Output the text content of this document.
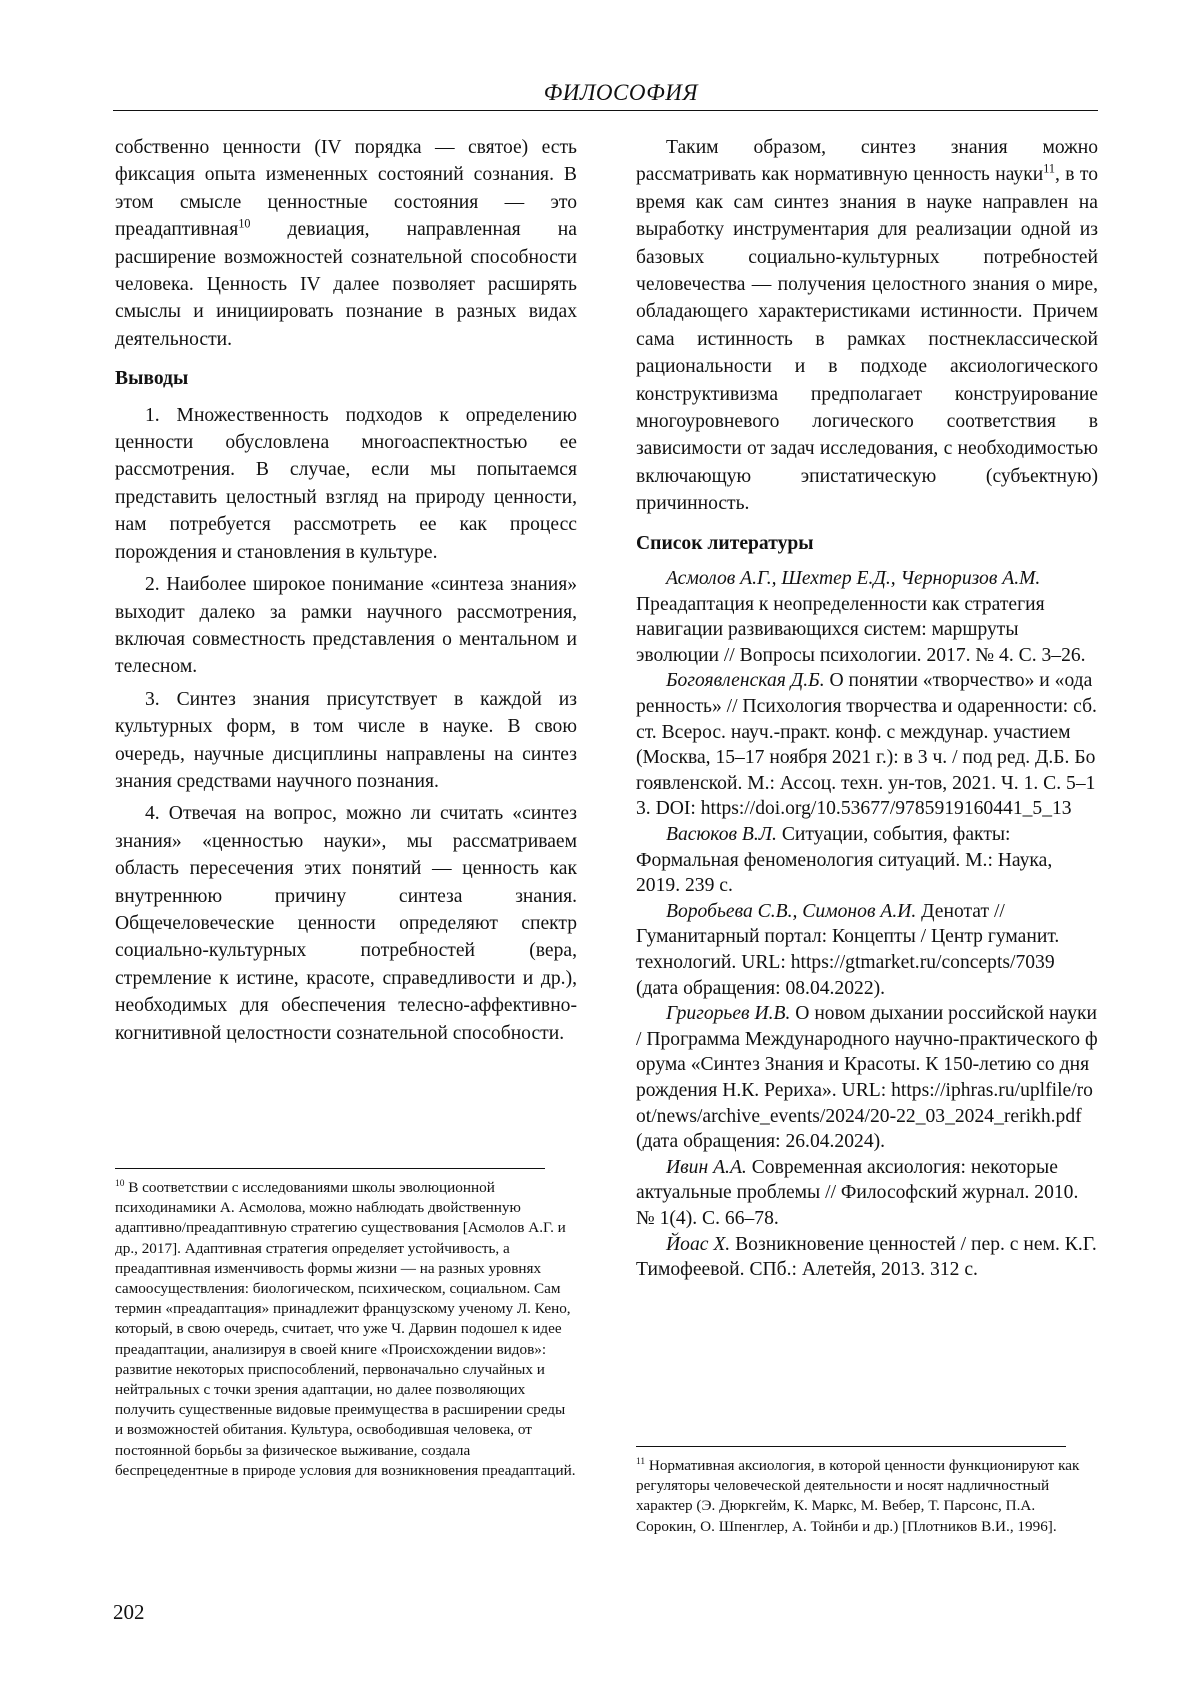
ФИЛОСОФИЯ

собственно ценности (IV порядка — святое) есть фиксация опыта измененных состояний сознания. В этом смысле ценностные состояния — это преадаптивная$^{10}$ девиация, направленная на расширение возможностей сознательной способности человека. Ценность IV далее позволяет расширять смыслы и инициировать познание в разных видах деятельности.

Выводы

1. Множественность подходов к определению ценности обусловлена многоаспектностью ее рассмотрения. В случае, если мы попытаемся представить целостный взгляд на природу ценности, нам потребуется рассмотреть ее как процесс порождения и становления в культуре.

2. Наиболее широкое понимание «синтеза знания» выходит далеко за рамки научного рассмотрения, включая совместность представления о ментальном и телесном.

3. Синтез знания присутствует в каждой из культурных форм, в том числе в науке. В свою очередь, научные дисциплины направлены на синтез знания средствами научного познания.

4. Отвечая на вопрос, можно ли считать «синтез знания» «ценностью науки», мы рассматриваем область пересечения этих понятий — ценность как внутреннюю причину синтеза знания. Общечеловеческие ценности определяют спектр социально-культурных потребностей (вера, стремление к истине, красоте, справедливости и др.), необходимых для обеспечения телесно-аффективно-когнитивной целостности сознательной способности.

Таким образом, синтез знания можно рассматривать как нормативную ценность науки$^{11}$, в то время как сам синтез знания в науке направлен на выработку инструментария для реализации одной из базовых социально-культурных потребностей человечества — получения целостного знания о мире, обладающего характеристиками истинности. Причем сама истинность в рамках постнеклассической рациональности и в подходе аксиологического конструктивизма предполагает конструирование многоуровневого логического соответствия в зависимости от задач исследования, с необходимостью включающую эпистатическую (субъектную) причинность.

Список литературы

Асмолов А.Г., Шехтер Е.Д., Черноризов А.М. Преадаптация к неопределенности как стратегия навигации развивающихся систем: маршруты эволюции // Вопросы психологии. 2017. № 4. С. 3–26.

Богоявленская Д.Б. О понятии «творчество» и «одаренность» // Психология творчества и одаренности: сб. ст. Всерос. науч.-практ. конф. с междунар. участием (Москва, 15–17 ноября 2021 г.): в 3 ч. / под ред. Д.Б. Богоявленской. М.: Ассоц. техн. ун-тов, 2021. Ч. 1. С. 5–13. DOI: https://doi.org/10.53677/9785919160441_5_13

Васюков В.Л. Ситуации, события, факты: Формальная феноменология ситуаций. М.: Наука, 2019. 239 с.

Воробьева С.В., Симонов А.И. Денотат // Гуманитарный портал: Концепты / Центр гуманит. технологий. URL: https://gtmarket.ru/concepts/7039 (дата обращения: 08.04.2022).

Григорьев И.В. О новом дыхании российской науки / Программа Международного научно-практического форума «Синтез Знания и Красоты. К 150-летию со дня рождения Н.К. Рериха». URL: https://iphras.ru/uplfile/root/news/archive_events/2024/20-22_03_2024_rerikh.pdf (дата обращения: 26.04.2024).

Ивин А.А. Современная аксиология: некоторые актуальные проблемы // Философский журнал. 2010. № 1(4). С. 66–78.

Йоас Х. Возникновение ценностей / пер. с нем. К.Г. Тимофеевой. СПб.: Алетейя, 2013. 312 с.

$^{10}$ В соответствии с исследованиями школы эволюционной психодинамики А. Асмолова, можно наблюдать двойственную адаптивно/преадаптивную стратегию существования [Асмолов А.Г. и др., 2017]. Адаптивная стратегия определяет устойчивость, а преадаптивная изменчивость формы жизни — на разных уровнях самоосуществления: биологическом, психическом, социальном. Сам термин «преадаптация» принадлежит французскому ученому Л. Кено, который, в свою очередь, считает, что уже Ч. Дарвин подошел к идее преадаптации, анализируя в своей книге «Происхождении видов»: развитие некоторых приспособлений, первоначально случайных и нейтральных с точки зрения адаптации, но далее позволяющих получить существенные видовые преимущества в расширении среды и возможностей обитания. Культура, освободившая человека, от постоянной борьбы за физическое выживание, создала беспрецедентные в природе условия для возникновения преадаптаций.	$^{11}$ Нормативная аксиология, в которой ценности функционируют как регуляторы человеческой деятельности и носят надличностный характер (Э. Дюркгейм, К. Маркс, М. Вебер, Т. Парсонс, П.А. Сорокин, О. Шпенглер, А. Тойнби и др.) [Плотников В.И., 1996].

202
